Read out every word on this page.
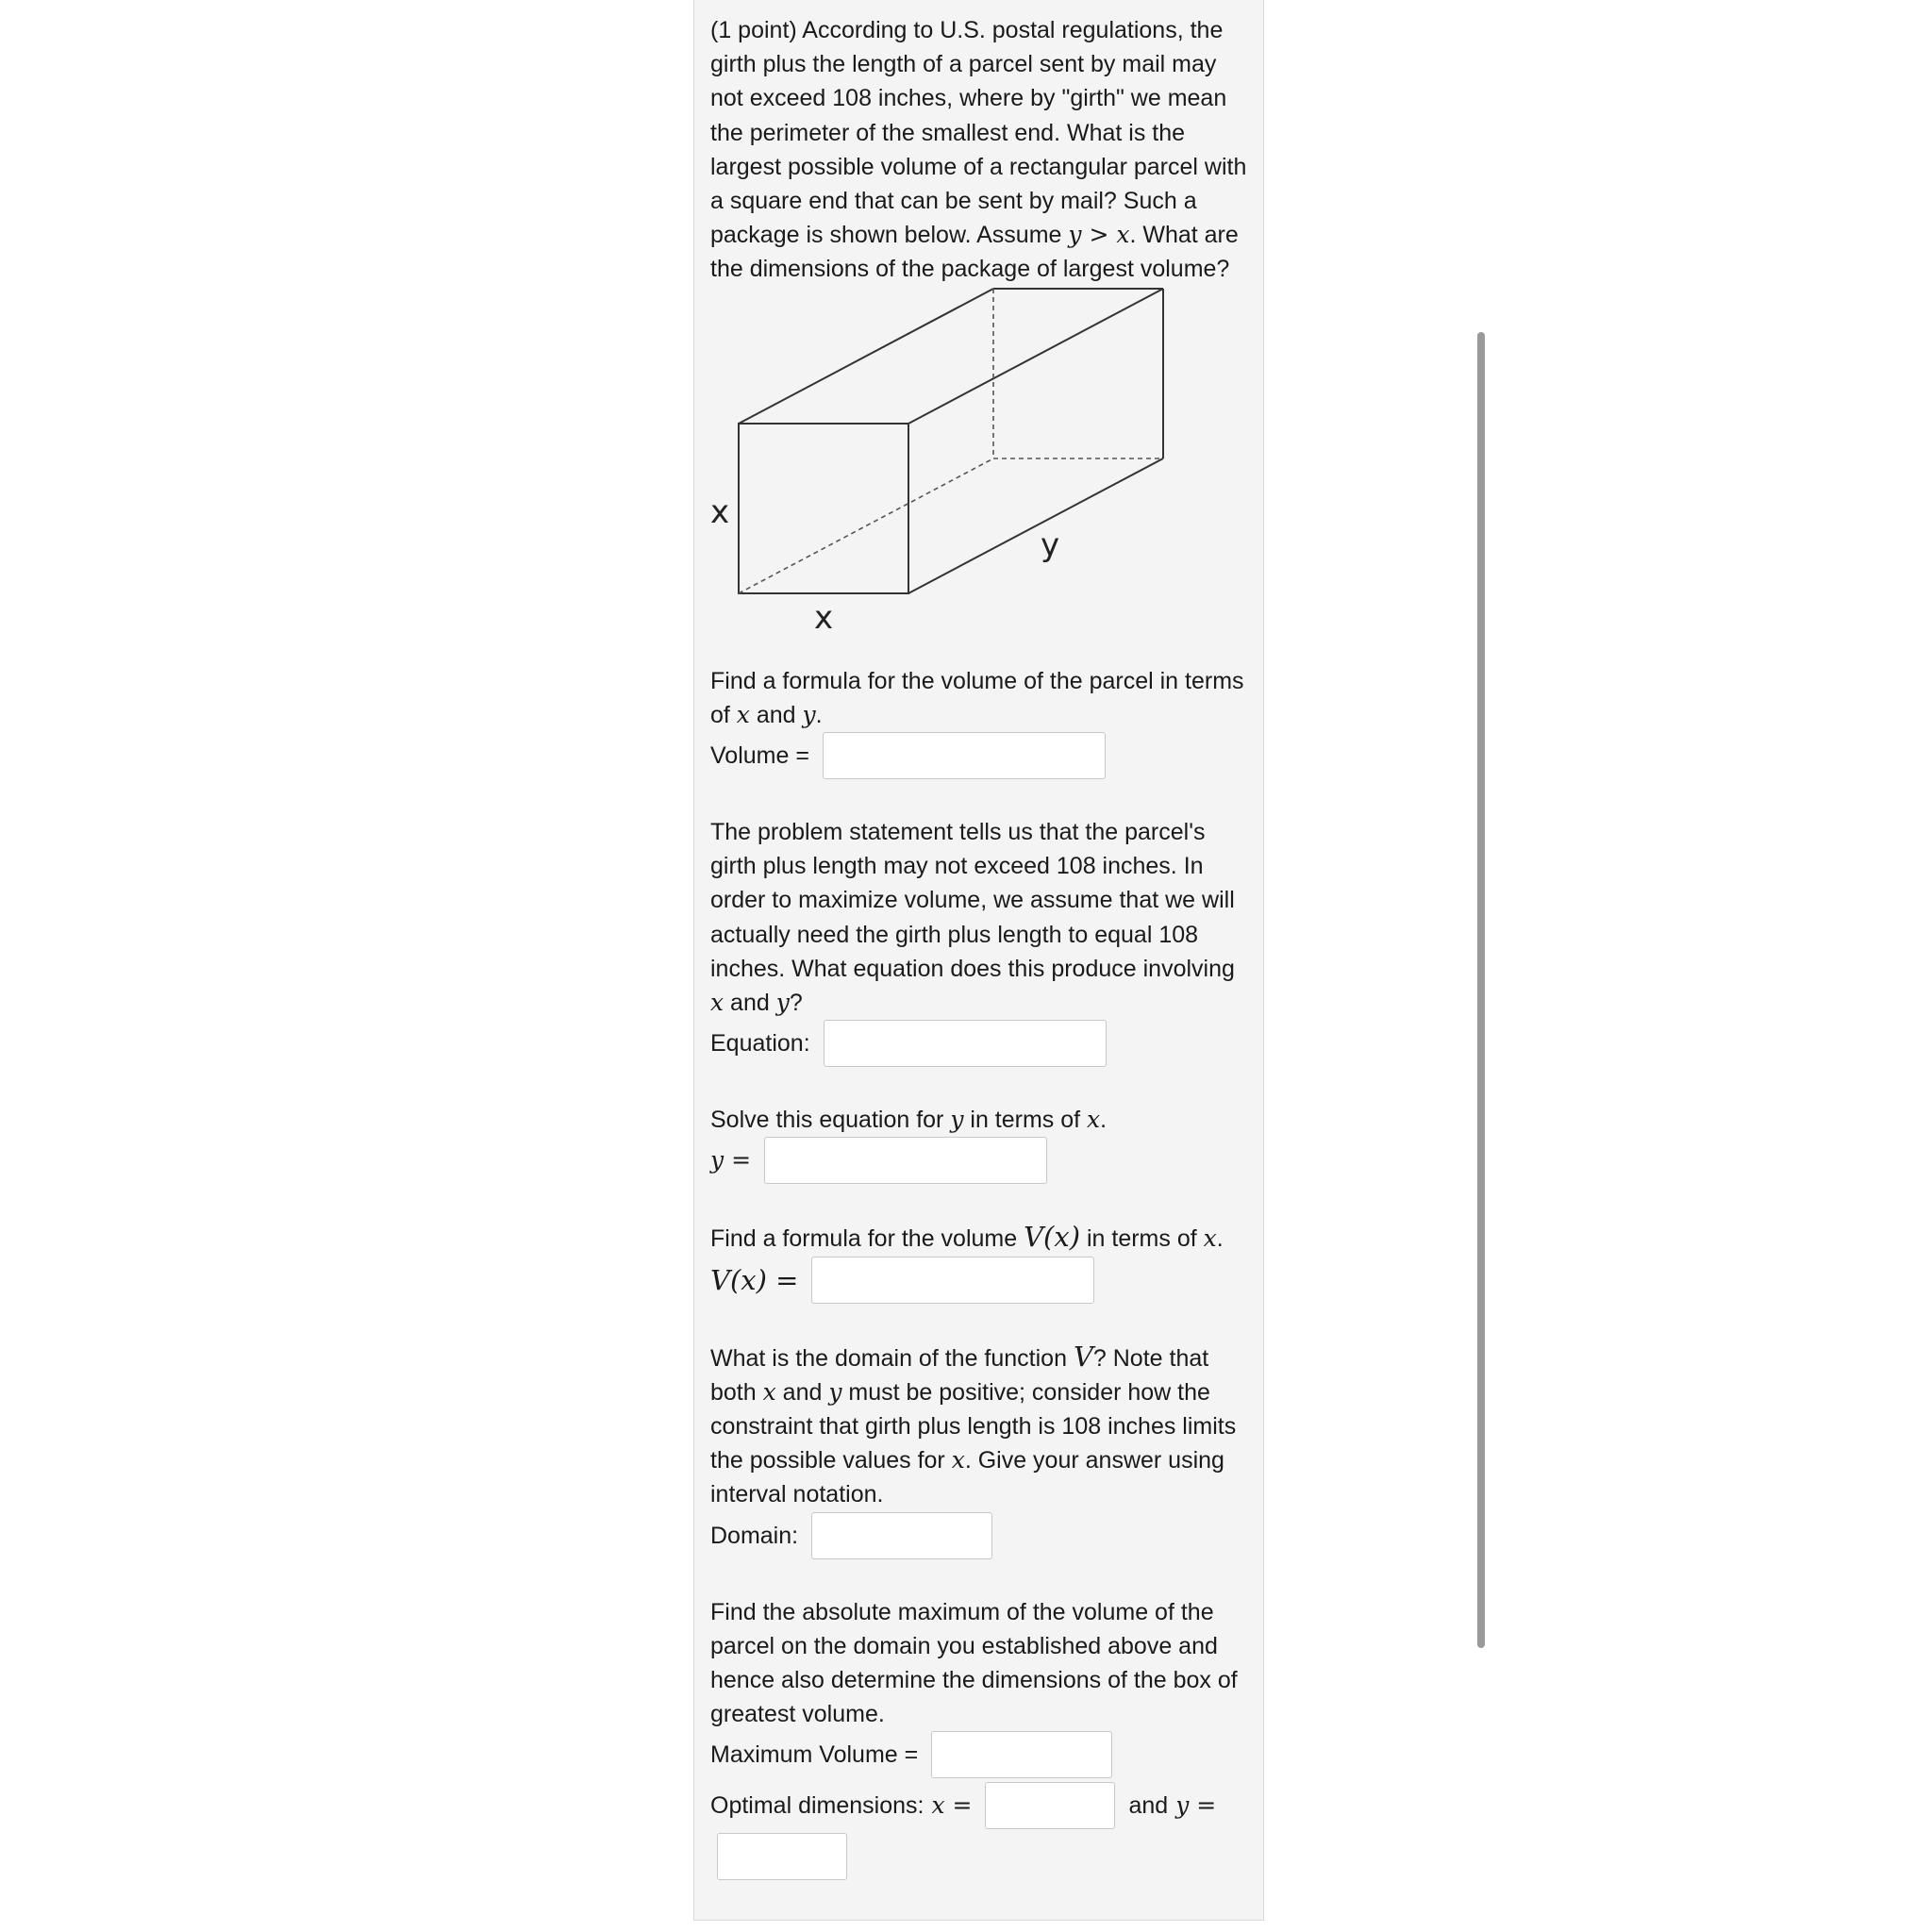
(1 point) According to U.S. postal regulations, the girth plus the length of a parcel sent by mail may not exceed 108 inches, where by "girth" we mean the perimeter of the smallest end. What is the largest possible volume of a rectangular parcel with a square end that can be sent by mail? Such a package is shown below. Assume y > x. What are the dimensions of the package of largest volume?

x
x
y

Find a formula for the volume of the parcel in terms of x and y.

Volume =

The problem statement tells us that the parcel's girth plus length may not exceed 108 inches. In order to maximize volume, we assume that we will actually need the girth plus length to equal 108 inches. What equation does this produce involving x and y?

Equation:

Solve this equation for y in terms of x.

y =

Find a formula for the volume V(x) in terms of x.

V(x) =

What is the domain of the function V? Note that both x and y must be positive; consider how the constraint that girth plus length is 108 inches limits the possible values for x. Give your answer using interval notation.

Domain:

Find the absolute maximum of the volume of the parcel on the domain you established above and hence also determine the dimensions of the box of greatest volume.

Maximum Volume =
Optimal dimensions: x =	and y =
